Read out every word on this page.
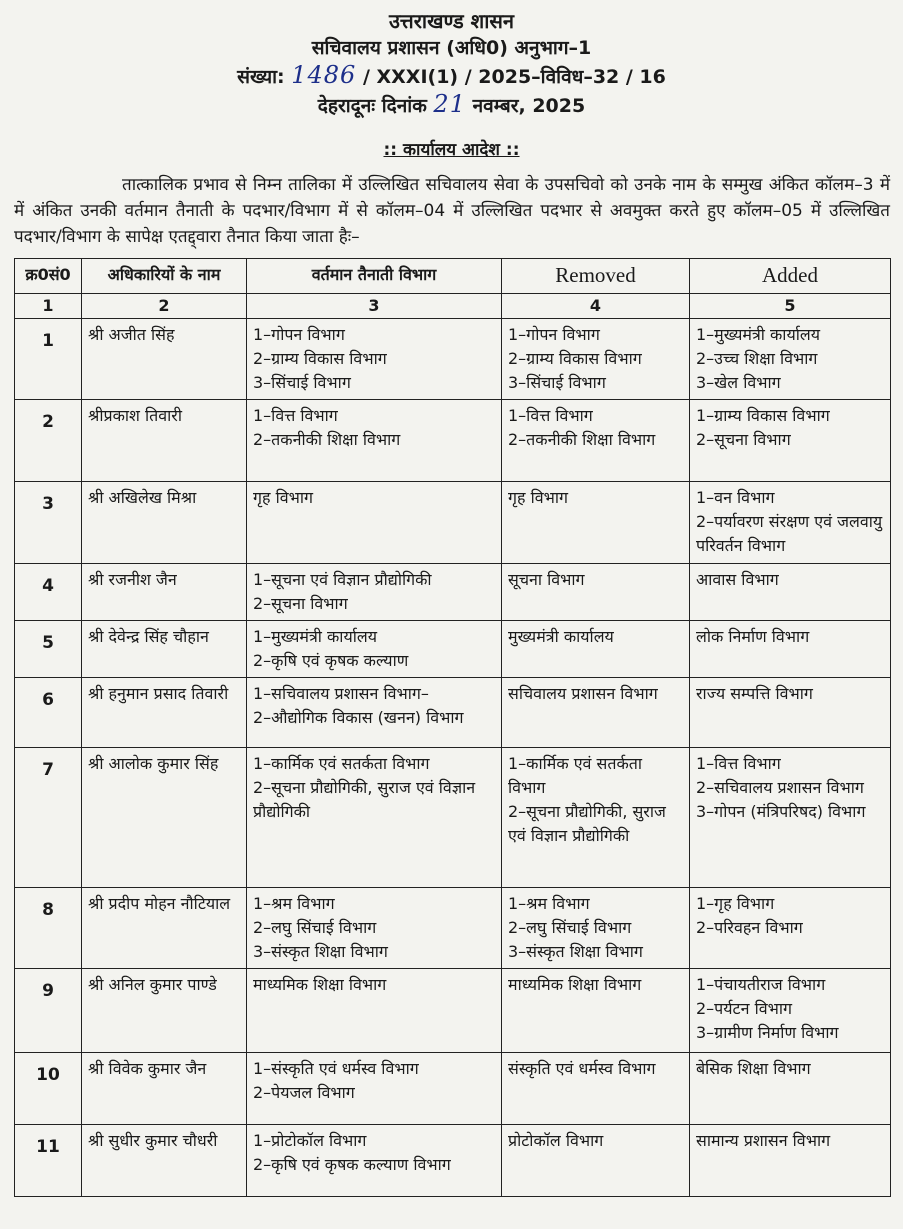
उत्तराखण्ड शासन
सचिवालय प्रशासन (अधि0) अनुभाग–1
संख्या: 1486 / XXXI(1) / 2025–विविध–32 / 16
देहरादूनः दिनांक 21 नवम्बर, 2025
:: कार्यालय आदेश ::
तात्कालिक प्रभाव से निम्न तालिका में उल्लिखित सचिवालय सेवा के उपसचिवो को उनके नाम के सम्मुख अंकित कॉलम–3 में में अंकित उनकी वर्तमान तैनाती के पदभार/विभाग में से कॉलम–04 में उल्लिखित पदभार से अवमुक्त करते हुए कॉलम–05 में उल्लिखित पदभार/विभाग के सापेक्ष एतद्द्वारा तैनात किया जाता हैः–
क्र0सं0	अधिकारियों के नाम	वर्तमान तैनाती विभाग	Removed	Added
1	2	3	4	5
1	श्री अजीत सिंह	1–गोपन विभाग
2–ग्राम्य विकास विभाग
3–सिंचाई विभाग	1–गोपन विभाग
2–ग्राम्य विकास विभाग
3–सिंचाई विभाग	1–मुख्यमंत्री कार्यालय
2–उच्च शिक्षा विभाग
3–खेल विभाग

2	श्रीप्रकाश तिवारी	1–वित्त विभाग
2–तकनीकी शिक्षा विभाग	1–वित्त विभाग
2–तकनीकी शिक्षा विभाग	1–ग्राम्य विकास विभाग
2–सूचना विभाग

3	श्री अखिलेख मिश्रा	गृह विभाग	गृह विभाग	1–वन विभाग
2–पर्यावरण संरक्षण एवं जलवायु परिवर्तन विभाग

4	श्री रजनीश जैन	1–सूचना एवं विज्ञान प्रौद्योगिकी
2–सूचना विभाग	सूचना विभाग	आवास विभाग

5	श्री देवेन्द्र सिंह चौहान	1–मुख्यमंत्री कार्यालय
2–कृषि एवं कृषक कल्याण	मुख्यमंत्री कार्यालय	लोक निर्माण विभाग

6	श्री हनुमान प्रसाद तिवारी	1–सचिवालय प्रशासन विभाग–
2–औद्योगिक विकास (खनन) विभाग	सचिवालय प्रशासन विभाग	राज्य सम्पत्ति विभाग

7	श्री आलोक कुमार सिंह	1–कार्मिक एवं सतर्कता विभाग
2–सूचना प्रौद्योगिकी, सुराज एवं विज्ञान प्रौद्योगिकी	1–कार्मिक एवं सतर्कता विभाग
2–सूचना प्रौद्योगिकी, सुराज एवं विज्ञान प्रौद्योगिकी	1–वित्त विभाग
2–सचिवालय प्रशासन विभाग
3–गोपन (मंत्रिपरिषद) विभाग

8	श्री प्रदीप मोहन नौटियाल	1–श्रम विभाग
2–लघु सिंचाई विभाग
3–संस्कृत शिक्षा विभाग	1–श्रम विभाग
2–लघु सिंचाई विभाग
3–संस्कृत शिक्षा विभाग	1–गृह विभाग
2–परिवहन विभाग

9	श्री अनिल कुमार पाण्डे	माध्यमिक शिक्षा विभाग	माध्यमिक शिक्षा विभाग	1–पंचायतीराज विभाग
2–पर्यटन विभाग
3–ग्रामीण निर्माण विभाग

10	श्री विवेक कुमार जैन	1–संस्कृति एवं धर्मस्व विभाग
2–पेयजल विभाग	संस्कृति एवं धर्मस्व विभाग	बेसिक शिक्षा विभाग

11	श्री सुधीर कुमार चौधरी	1–प्रोटोकॉल विभाग
2–कृषि एवं कृषक कल्याण विभाग	प्रोटोकॉल विभाग	सामान्य प्रशासन विभाग
